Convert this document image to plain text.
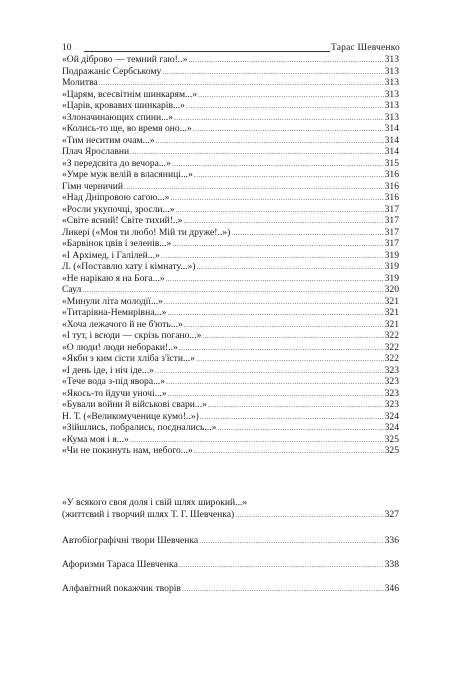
10	Тарас Шевченко
«Ой діброво — темний гаю!..» .....	313
Подражаніє Сербському .....	313
Молитва .....	313
«Царям, всесвітнім шинкарям...» .....	313
«Царів, кровавих шинкарів...» .....	313
«Злоначинающих спини...» .....	313
«Колись-то ще, во время оно...» .....	314
«Тим неситим очам...» .....	314
Плач Ярославни .....	314
«З передсвіта до вечора...» .....	315
«Умре муж велій в власяниці...» .....	316
Гімн черничий .....	316
«Над Дніпровою сагою...» .....	316
«Росли укупочці, зросли...» .....	317
«Світе ясний! Світе тихий!..» .....	317
Ликері («Моя ти любо! Мій ти друже!..») .....	317
«Барвінок цвів і зеленів...» .....	317
«І Архімед, і Галілей...» .....	319
Л. («Поставлю хату і кімнату...») .....	319
«Не нарікаю я на Бога...» .....	319
Саул .....	320
«Минули літа молодії...» .....	321
«Титарівна-Немирівна...» .....	321
«Хоча лежачого й не б'ють...» .....	321
«І тут, і всюди — скрізь погано...» .....	322
«О люди! люди небораки!..» .....	322
«Якби з ким сісти хліба з'їсти...» .....	322
«І день іде, і ніч іде...» .....	323
«Тече вода з-під явора...» .....	323
«Якось-то йдучи уночі...» .....	323
«Бували войни й військові свари...» .....	323
Н. Т. («Великомученице кумо!..») .....	324
«Зійшлись, побрались, поєднались...» .....	324
«Кума моя і я...» .....	325
«Чи не покинуть нам, небого...» .....	325
«У всякого своя доля і свій шлях широкий...»
(життєвий і творчий шлях Т. Г. Шевченка) .....	327
Автобіографічні твори Шевченка .....	336
Афоризми Тараса Шевченка .....	338
Алфавітний покажчик творів .....	346
